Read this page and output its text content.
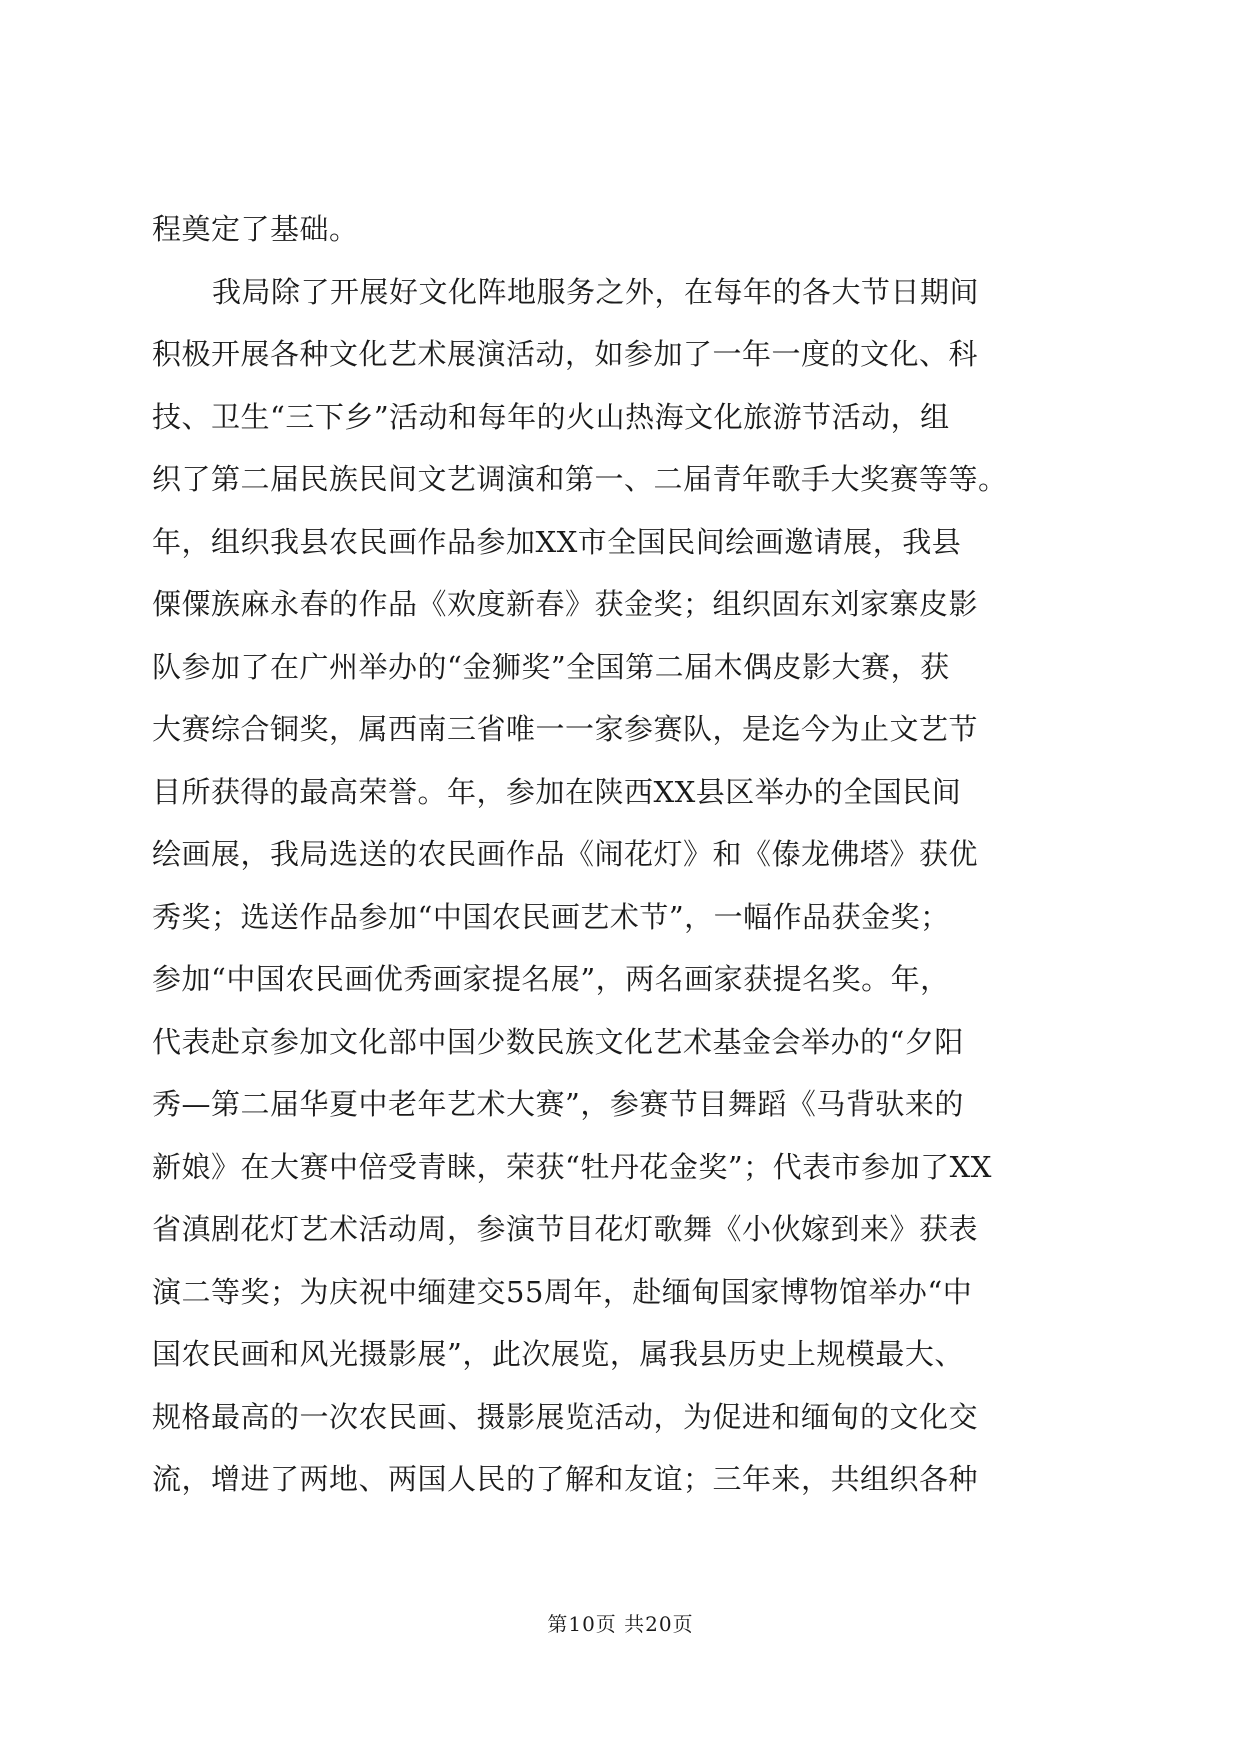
程奠定了基础。
我局除了开展好文化阵地服务之外，在每年的各大节日期间
积极开展各种文化艺术展演活动，如参加了一年一度的文化、科
技、卫生“三下乡”活动和每年的火山热海文化旅游节活动，组
织了第二届民族民间文艺调演和第一、二届青年歌手大奖赛等等。
年，组织我县农民画作品参加XX市全国民间绘画邀请展，我县
傈僳族麻永春的作品《欢度新春》获金奖；组织固东刘家寨皮影
队参加了在广州举办的“金狮奖”全国第二届木偶皮影大赛，获
大赛综合铜奖，属西南三省唯一一家参赛队，是迄今为止文艺节
目所获得的最高荣誉。年，参加在陕西XX县区举办的全国民间
绘画展，我局选送的农民画作品《闹花灯》和《傣龙佛塔》获优
秀奖；选送作品参加“中国农民画艺术节”，一幅作品获金奖；
参加“中国农民画优秀画家提名展”，两名画家获提名奖。年，
代表赴京参加文化部中国少数民族文化艺术基金会举办的“夕阳
秀—第二届华夏中老年艺术大赛”，参赛节目舞蹈《马背驮来的
新娘》在大赛中倍受青睐，荣获“牡丹花金奖”；代表市参加了XX
省滇剧花灯艺术活动周，参演节目花灯歌舞《小伙嫁到来》获表
演二等奖；为庆祝中缅建交55周年，赴缅甸国家博物馆举办“中
国农民画和风光摄影展”，此次展览，属我县历史上规模最大、
规格最高的一次农民画、摄影展览活动，为促进和缅甸的文化交
流，增进了两地、两国人民的了解和友谊；三年来，共组织各种
第10页 共20页
